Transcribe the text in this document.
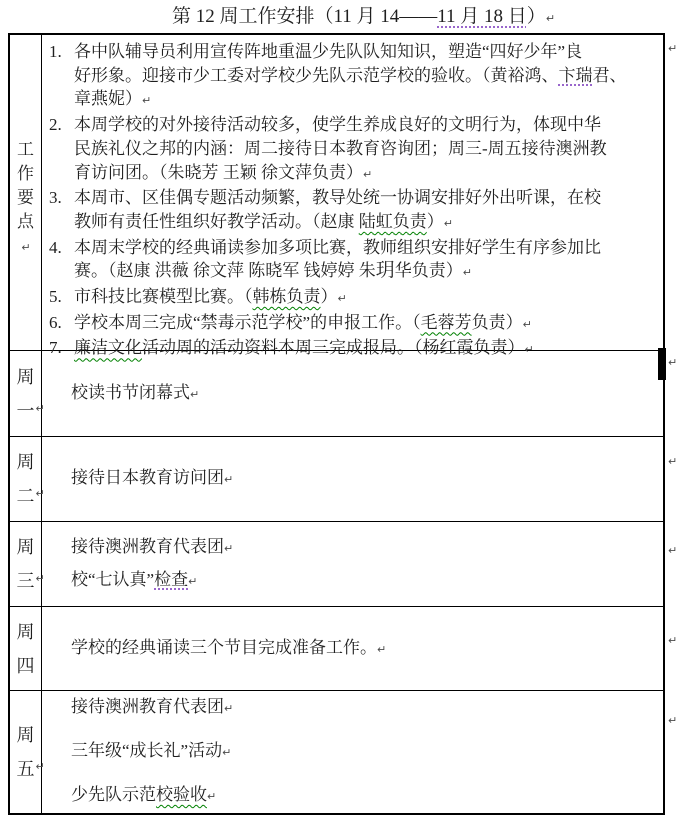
第 12 周工作安排（11 月 14——11 月 18 日）↵
工
作
要
点
↵
1. 各中队辅导员利用宣传阵地重温少先队队知知识，塑造“四好少年”良
好形象。迎接市少工委对学校少先队示范学校的验收。（黄裕鸿、卞瑞君、
章燕妮）↵
2. 本周学校的对外接待活动较多，使学生养成良好的文明行为，体现中华
民族礼仪之邦的内涵：周二接待日本教育咨询团；周三-周五接待澳洲教
育访问团。（朱晓芳 王颖 徐文萍负责）↵
3. 本周市、区佳偶专题活动频繁，教导处统一协调安排好外出听课，在校
教师有责任性组织好教学活动。（赵康 陆虹负责）↵
4. 本周末学校的经典诵读参加多项比赛，教师组织安排好学生有序参加比
赛。（赵康 洪薇 徐文萍 陈晓军 钱婷婷 朱玥华负责）↵
5. 市科技比赛模型比赛。（韩栋负责）↵
6. 学校本周三完成“禁毒示范学校”的申报工作。（毛蓉芳负责）↵
7. 廉洁文化活动周的活动资料本周三完成报局。（杨红霞负责）↵
周
一 ↵
校读书节闭幕式↵
周
二 ↵
接待日本教育访问团↵
周
三 ↵
接待澳洲教育代表团↵
校“七认真”检查↵
周
四
学校的经典诵读三个节目完成准备工作。↵
周
五 ↵
接待澳洲教育代表团↵
三年级“成长礼”活动↵
少先队示范校验收↵
↵
↵
↵
↵
↵
↵
